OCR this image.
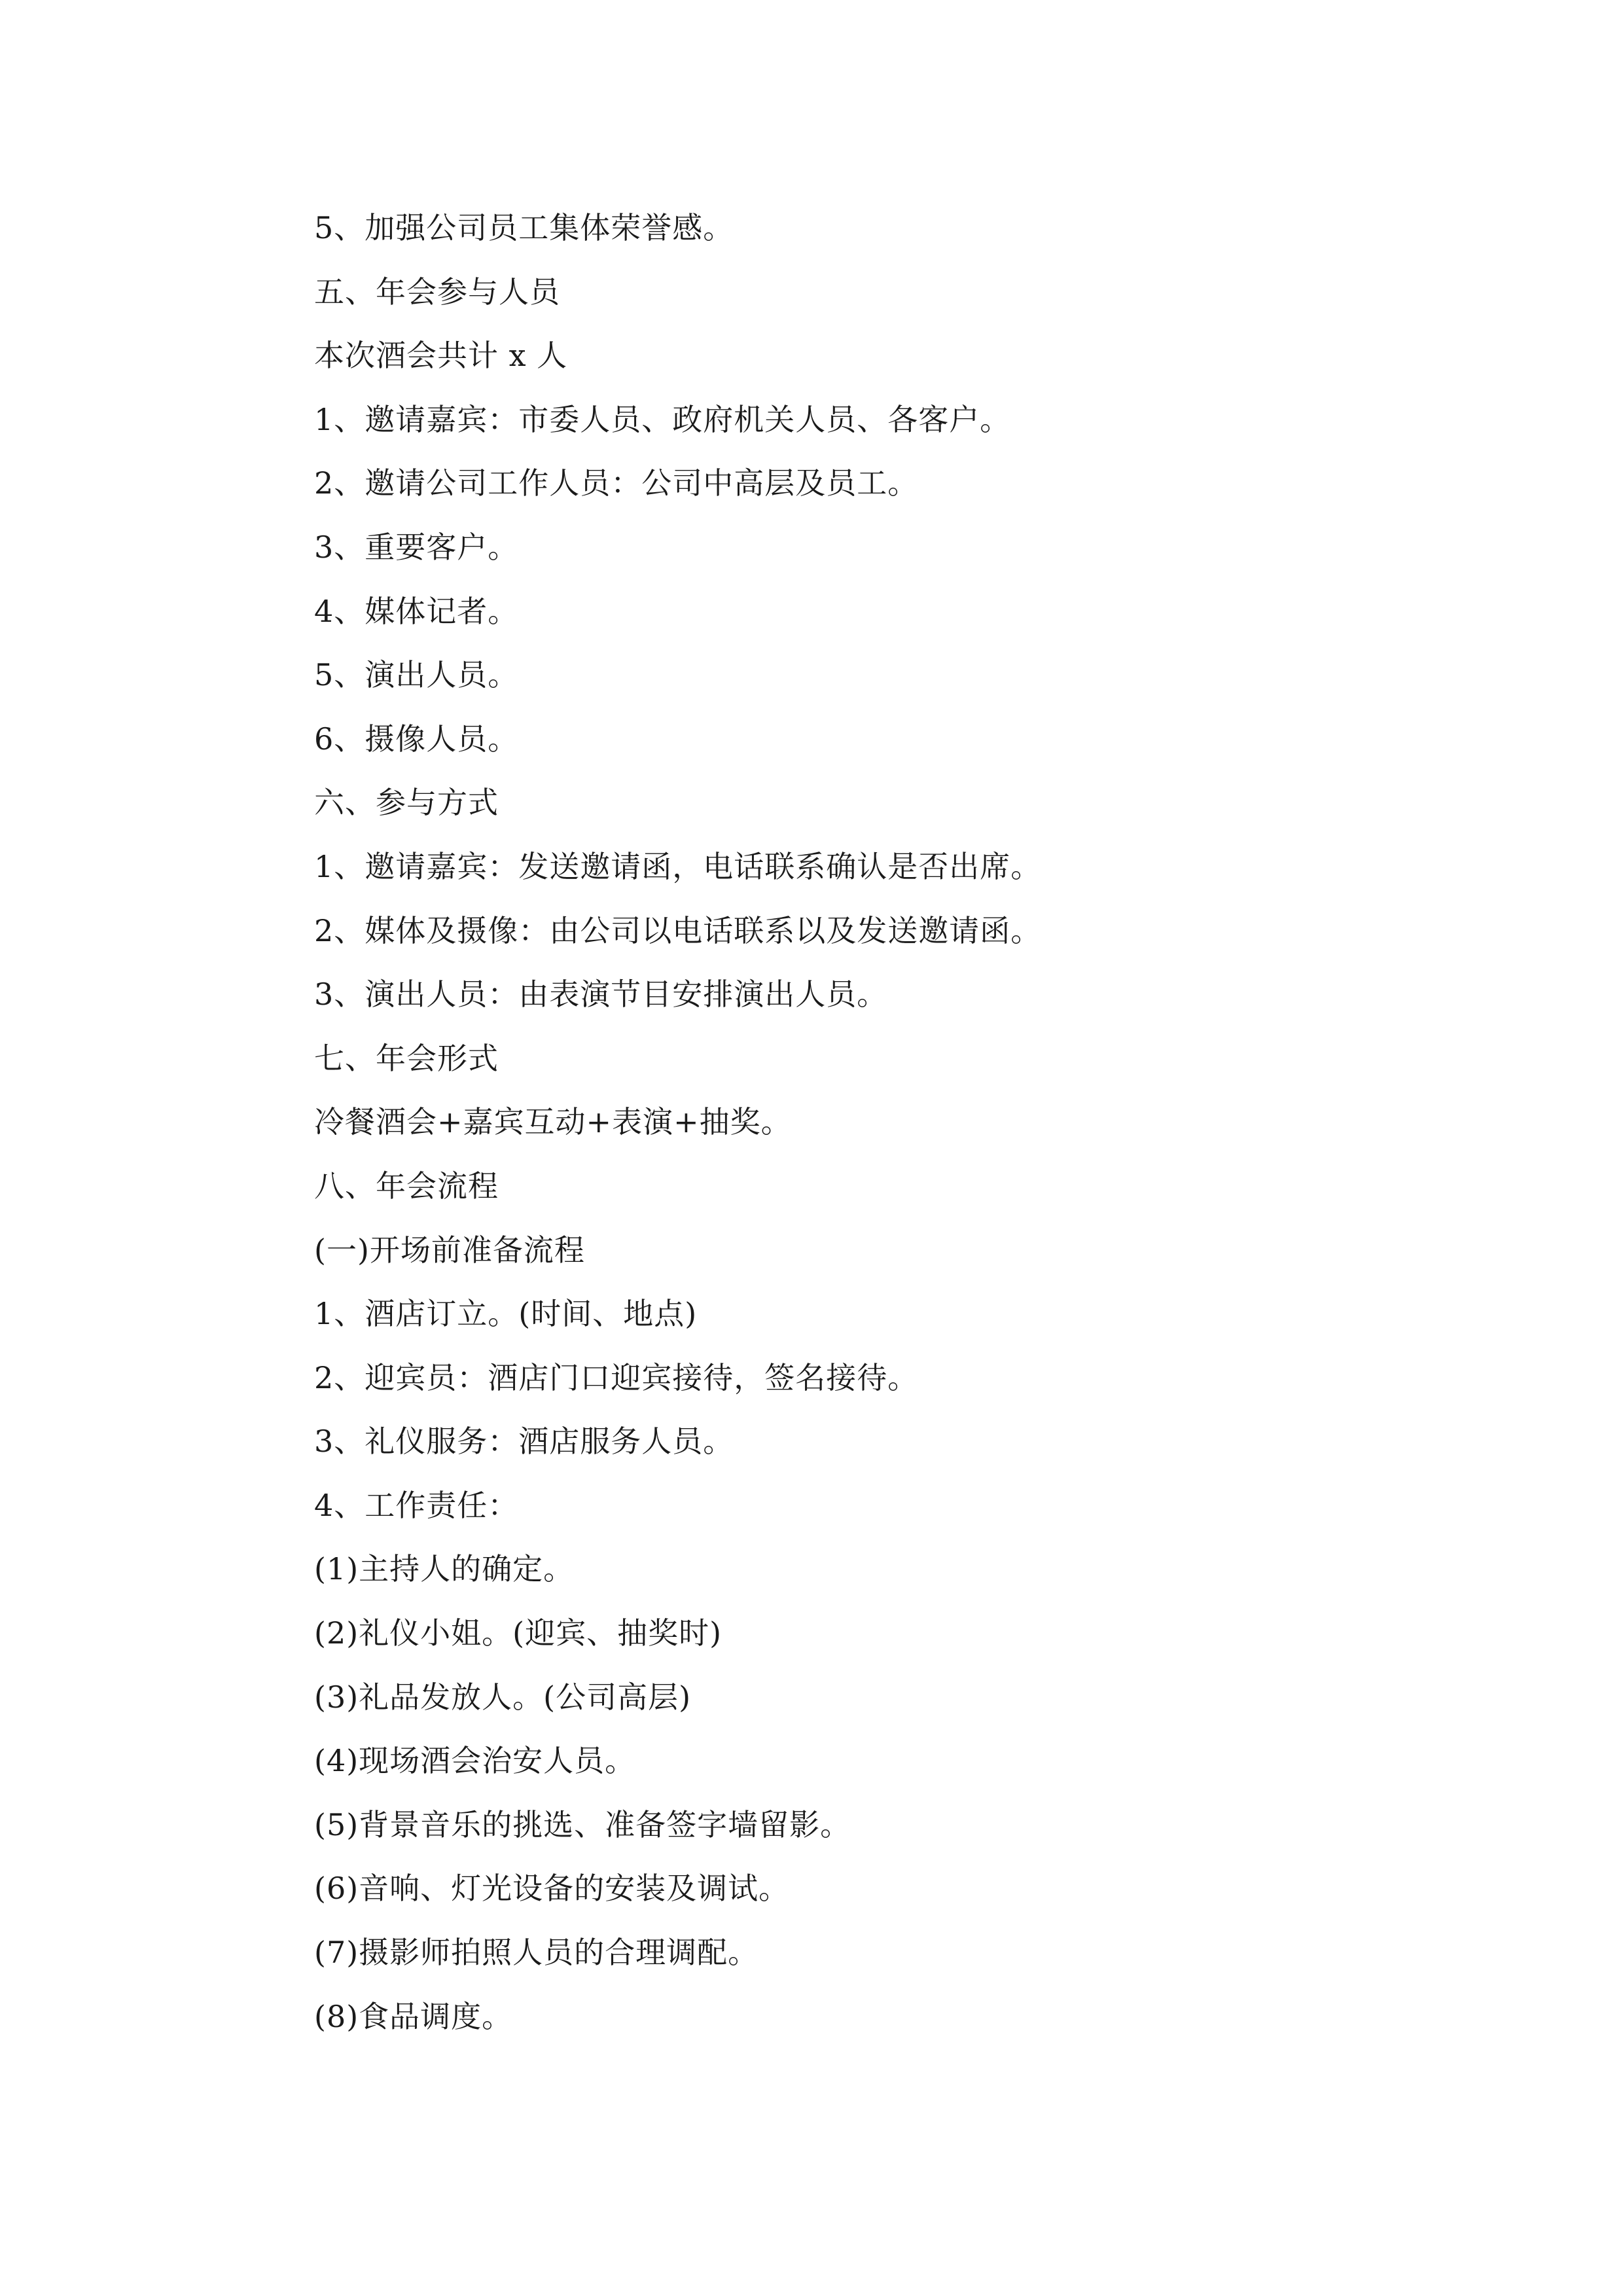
5、加强公司员工集体荣誉感。
五、年会参与人员
本次酒会共计 x 人
1、邀请嘉宾：市委人员、政府机关人员、各客户。
2、邀请公司工作人员：公司中高层及员工。
3、重要客户。
4、媒体记者。
5、演出人员。
6、摄像人员。
六、参与方式
1、邀请嘉宾：发送邀请函，电话联系确认是否出席。
2、媒体及摄像：由公司以电话联系以及发送邀请函。
3、演出人员：由表演节目安排演出人员。
七、年会形式
冷餐酒会+嘉宾互动+表演+抽奖。
八、年会流程
(一)开场前准备流程
1、酒店订立。(时间、地点)
2、迎宾员：酒店门口迎宾接待，签名接待。
3、礼仪服务：酒店服务人员。
4、工作责任：
(1)主持人的确定。
(2)礼仪小姐。(迎宾、抽奖时)
(3)礼品发放人。(公司高层)
(4)现场酒会治安人员。
(5)背景音乐的挑选、准备签字墙留影。
(6)音响、灯光设备的安装及调试。
(7)摄影师拍照人员的合理调配。
(8)食品调度。
